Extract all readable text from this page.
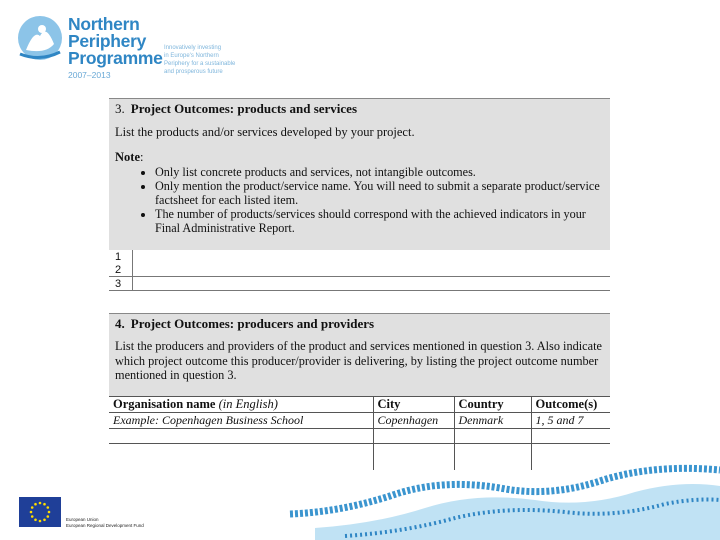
Northern
Periphery
Programme
2007–2013
Innovatively investing
in Europe's Northern
Periphery for a sustainable
and prosperous future
3. Project Outcomes: products and services
List the products and/or services developed by your project.
Note:
• Only list concrete products and services, not intangible outcomes.
• Only mention the product/service name. You will need to submit a separate product/service factsheet for each listed item.
• The number of products/services should correspond with the achieved indicators in your Final Administrative Report.
1	
2	
3	
4. Project Outcomes: producers and providers
List the producers and providers of the product and services mentioned in question 3. Also indicate which project outcome this producer/provider is delivering, by listing the project outcome number mentioned in question 3.
Organisation name (in English)	City	Country	Outcome(s)
Example: Copenhagen Business School	Copenhagen	Denmark	1, 5 and 7

European Union
European Regional Development Fund
